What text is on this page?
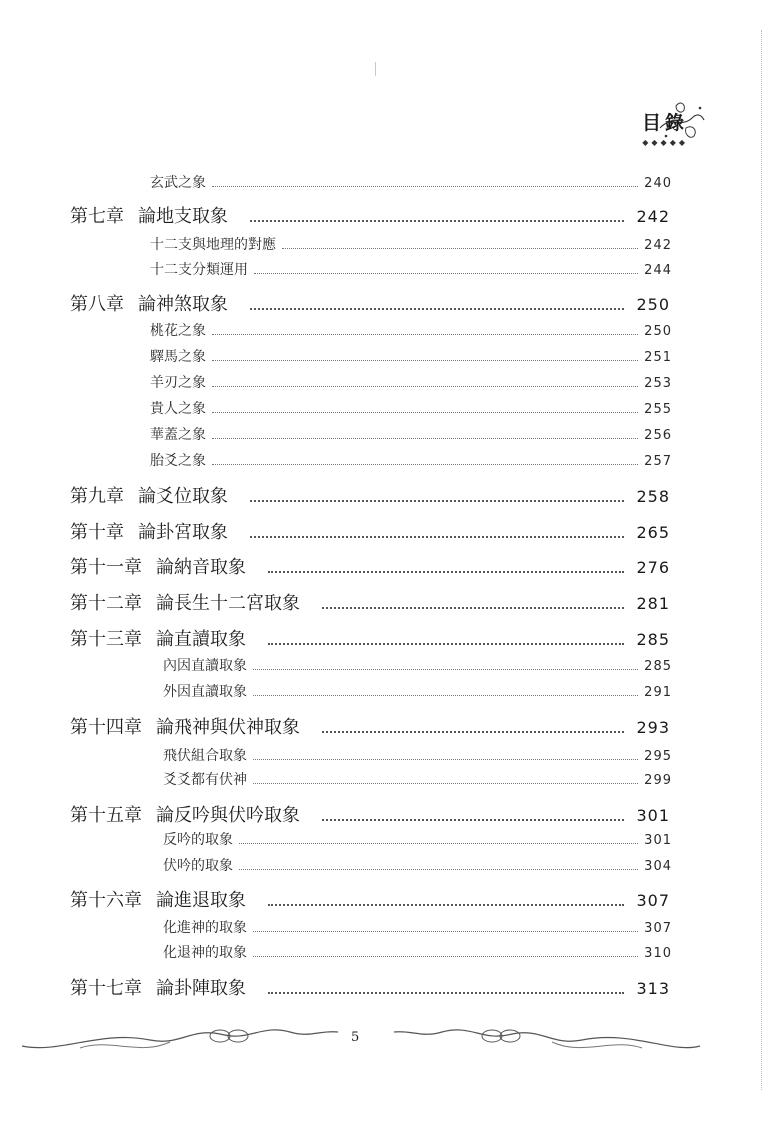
目錄
◆◆◆◆◆
玄武之象	240
第七章 論地支取象	242
十二支與地理的對應	242
十二支分類運用	244
第八章 論神煞取象	250
桃花之象	250
驛馬之象	251
羊刃之象	253
貴人之象	255
華蓋之象	256
胎爻之象	257
第九章 論爻位取象	258
第十章 論卦宮取象	265
第十一章 論納音取象	276
第十二章 論長生十二宮取象	281
第十三章 論直讀取象	285
內因直讀取象	285
外因直讀取象	291
第十四章 論飛神與伏神取象	293
飛伏組合取象	295
爻爻都有伏神	299
第十五章 論反吟與伏吟取象	301
反吟的取象	301
伏吟的取象	304
第十六章 論進退取象	307
化進神的取象	307
化退神的取象	310
第十七章 論卦陣取象	313
5
